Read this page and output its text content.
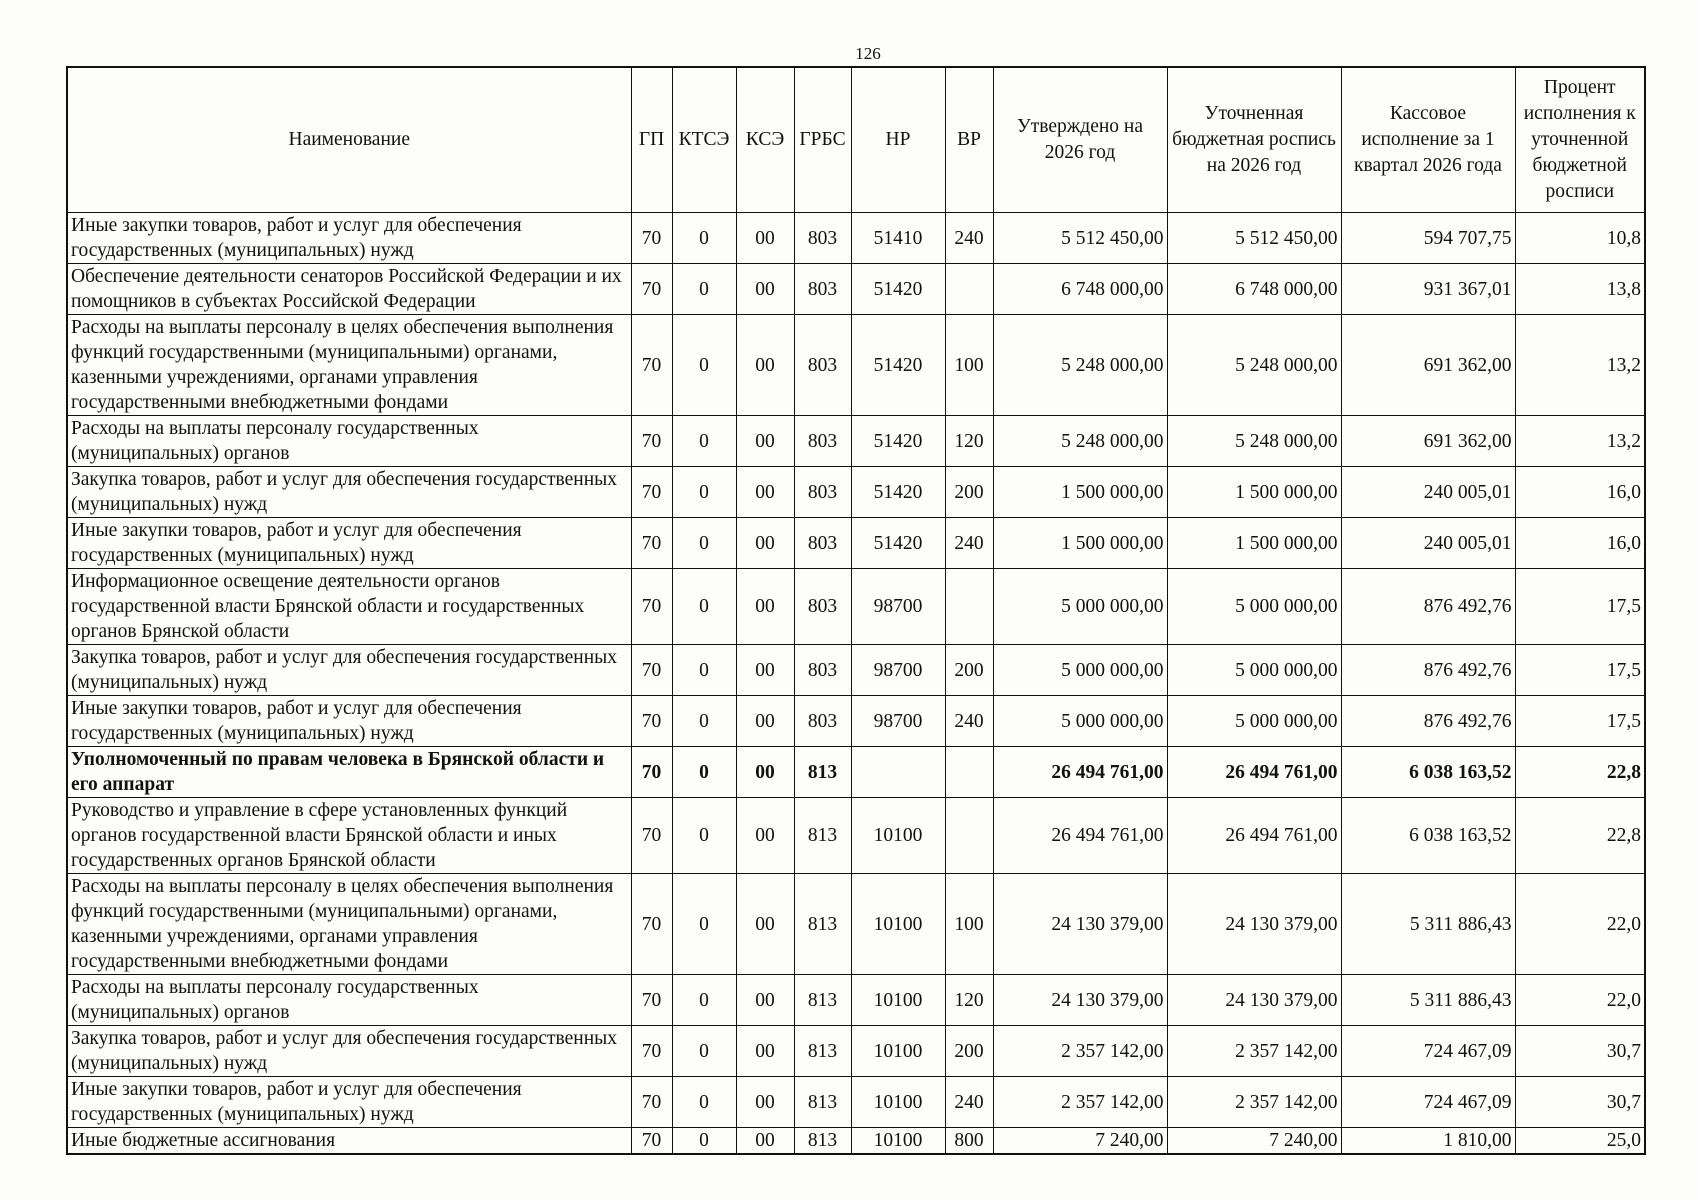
126
Наименование	ГП	КТСЭ	КСЭ	ГРБС	НР	ВР	Утверждено на 2026 год	Уточненная бюджетная роспись на 2026 год	Кассовое исполнение за 1 квартал 2026 года	Процент исполнения к уточненной бюджетной росписи
Иные закупки товаров, работ и услуг для обеспечения государственных (муниципальных) нужд	70	0	00	803	51410	240	5 512 450,00	5 512 450,00	594 707,75	10,8
Обеспечение деятельности сенаторов Российской Федерации и их помощников в субъектах Российской Федерации	70	0	00	803	51420		6 748 000,00	6 748 000,00	931 367,01	13,8
Расходы на выплаты персоналу в целях обеспечения выполнения функций государственными (муниципальными) органами, казенными учреждениями, органами управления государственными внебюджетными фондами	70	0	00	803	51420	100	5 248 000,00	5 248 000,00	691 362,00	13,2
Расходы на выплаты персоналу государственных (муниципальных) органов	70	0	00	803	51420	120	5 248 000,00	5 248 000,00	691 362,00	13,2
Закупка товаров, работ и услуг для обеспечения государственных (муниципальных) нужд	70	0	00	803	51420	200	1 500 000,00	1 500 000,00	240 005,01	16,0
Иные закупки товаров, работ и услуг для обеспечения государственных (муниципальных) нужд	70	0	00	803	51420	240	1 500 000,00	1 500 000,00	240 005,01	16,0
Информационное освещение деятельности органов государственной власти Брянской области и государственных органов Брянской области	70	0	00	803	98700		5 000 000,00	5 000 000,00	876 492,76	17,5
Закупка товаров, работ и услуг для обеспечения государственных (муниципальных) нужд	70	0	00	803	98700	200	5 000 000,00	5 000 000,00	876 492,76	17,5
Иные закупки товаров, работ и услуг для обеспечения государственных (муниципальных) нужд	70	0	00	803	98700	240	5 000 000,00	5 000 000,00	876 492,76	17,5
Уполномоченный по правам человека в Брянской области и его аппарат	70	0	00	813			26 494 761,00	26 494 761,00	6 038 163,52	22,8
Руководство и управление в сфере установленных функций органов государственной власти Брянской области и иных государственных органов Брянской области	70	0	00	813	10100		26 494 761,00	26 494 761,00	6 038 163,52	22,8
Расходы на выплаты персоналу в целях обеспечения выполнения функций государственными (муниципальными) органами, казенными учреждениями, органами управления государственными внебюджетными фондами	70	0	00	813	10100	100	24 130 379,00	24 130 379,00	5 311 886,43	22,0
Расходы на выплаты персоналу государственных (муниципальных) органов	70	0	00	813	10100	120	24 130 379,00	24 130 379,00	5 311 886,43	22,0
Закупка товаров, работ и услуг для обеспечения государственных (муниципальных) нужд	70	0	00	813	10100	200	2 357 142,00	2 357 142,00	724 467,09	30,7
Иные закупки товаров, работ и услуг для обеспечения государственных (муниципальных) нужд	70	0	00	813	10100	240	2 357 142,00	2 357 142,00	724 467,09	30,7
Иные бюджетные ассигнования	70	0	00	813	10100	800	7 240,00	7 240,00	1 810,00	25,0
